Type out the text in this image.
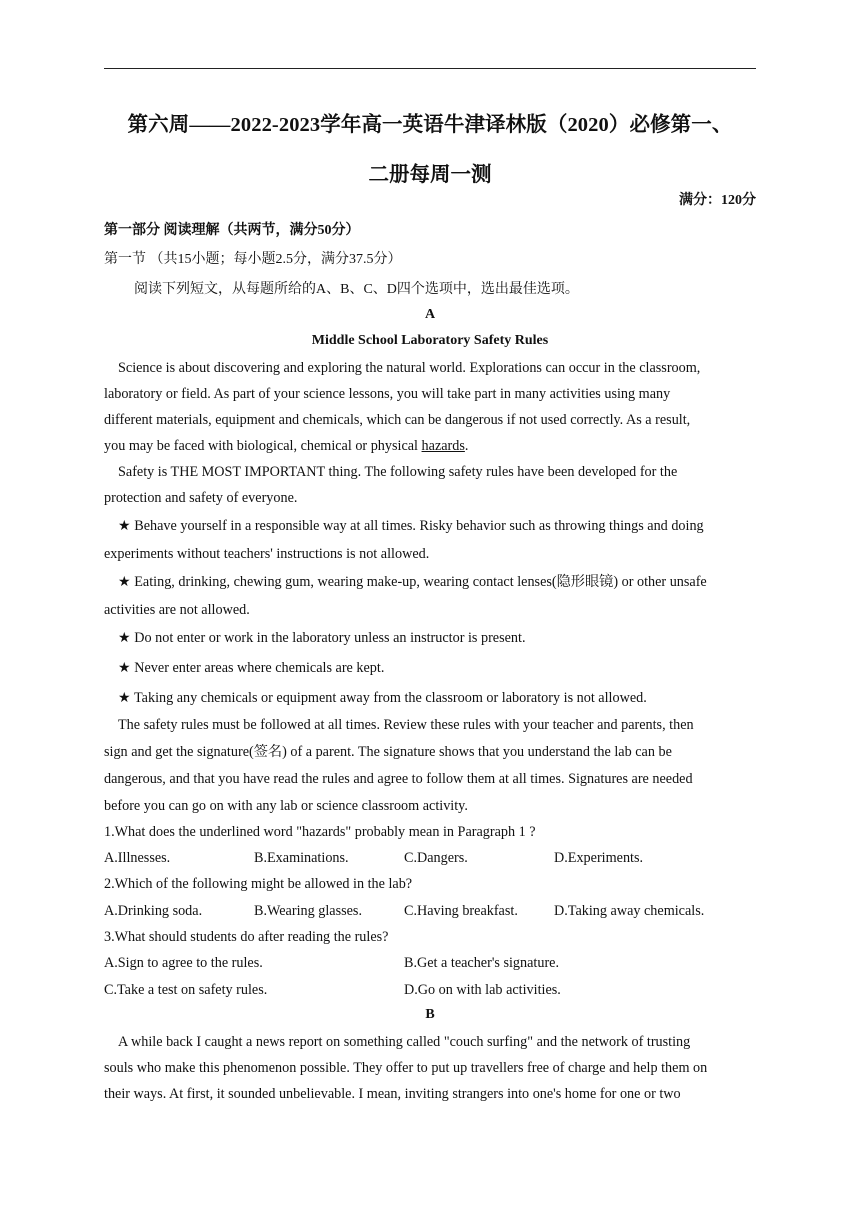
第六周——2022-2023学年高一英语牛津译林版（2020）必修第一、
二册每周一测
满分：120分
第一部分 阅读理解（共两节，满分50分）
第一节 （共15小题；每小题2.5分，满分37.5分）
阅读下列短文，从每题所给的A、B、C、D四个选项中，选出最佳选项。
A
Middle School Laboratory Safety Rules
Science is about discovering and exploring the natural world. Explorations can occur in the classroom,
laboratory or field. As part of your science lessons, you will take part in many activities using many
different materials, equipment and chemicals, which can be dangerous if not used correctly. As a result,
you may be faced with biological, chemical or physical hazards.
Safety is THE MOST IMPORTANT thing. The following safety rules have been developed for the
protection and safety of everyone.
★ Behave yourself in a responsible way at all times. Risky behavior such as throwing things and doing
experiments without teachers' instructions is not allowed.
★ Eating, drinking, chewing gum, wearing make-up, wearing contact lenses(隐形眼镜) or other unsafe
activities are not allowed.
★ Do not enter or work in the laboratory unless an instructor is present.
★ Never enter areas where chemicals are kept.
★ Taking any chemicals or equipment away from the classroom or laboratory is not allowed.
The safety rules must be followed at all times. Review these rules with your teacher and parents, then
sign and get the signature(签名) of a parent. The signature shows that you understand the lab can be
dangerous, and that you have read the rules and agree to follow them at all times. Signatures are needed
before you can go on with any lab or science classroom activity.
1.What does the underlined word "hazards" probably mean in Paragraph 1 ?
A.Illnesses.	B.Examinations.	C.Dangers.	D.Experiments.
2.Which of the following might be allowed in the lab?
A.Drinking soda.	B.Wearing glasses.	C.Having breakfast.	D.Taking away chemicals.
3.What should students do after reading the rules?
A.Sign to agree to the rules.	B.Get a teacher's signature.
C.Take a test on safety rules.	D.Go on with lab activities.
B
A while back I caught a news report on something called "couch surfing" and the network of trusting
souls who make this phenomenon possible. They offer to put up travellers free of charge and help them on
their ways. At first, it sounded unbelievable. I mean, inviting strangers into one's home for one or two
